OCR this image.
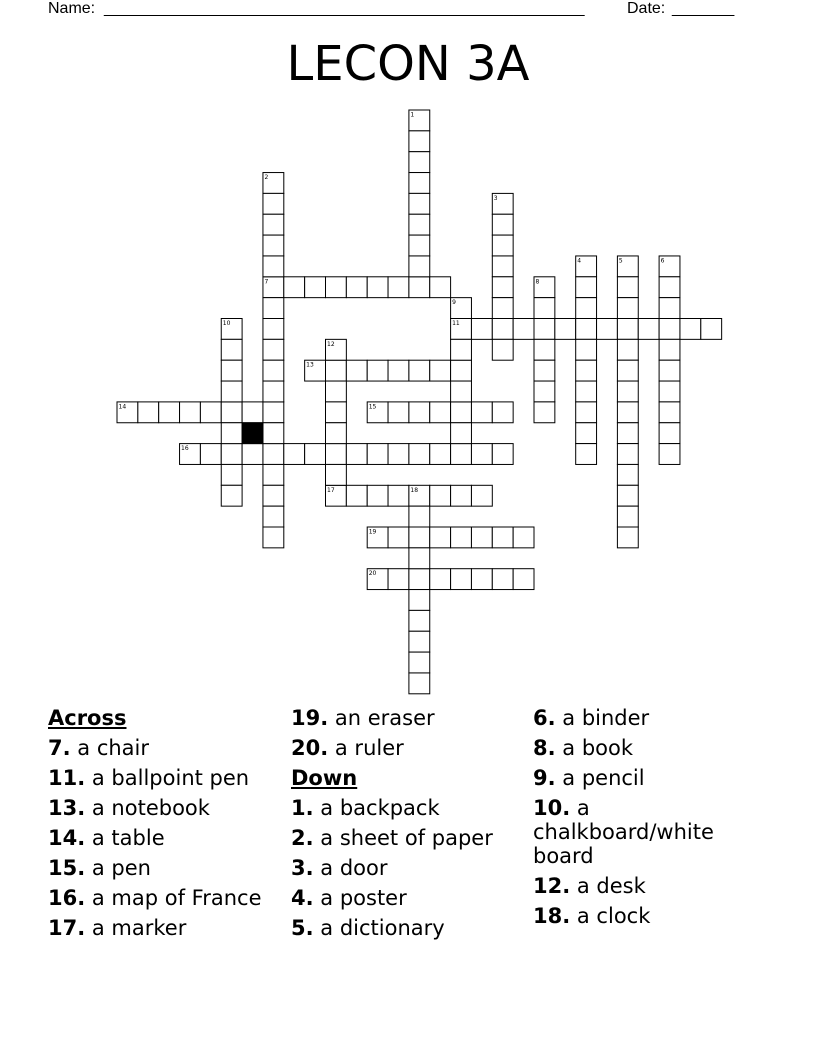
Name: ______________________________________________________	Date: _______
LECON 3A
7
11
13
14	15
16
17
19
20
1
2
3
4	5	6
8
9
10
12
18
Across
7. a chair
11. a ballpoint pen
13. a notebook
14. a table
15. a pen
16. a map of France
17. a marker
19. an eraser
20. a ruler
Down
1. a backpack
2. a sheet of paper
3. a door
4. a poster
5. a dictionary
6. a binder
8. a book
9. a pencil
10. a chalkboard/white board
12. a desk
18. a clock
